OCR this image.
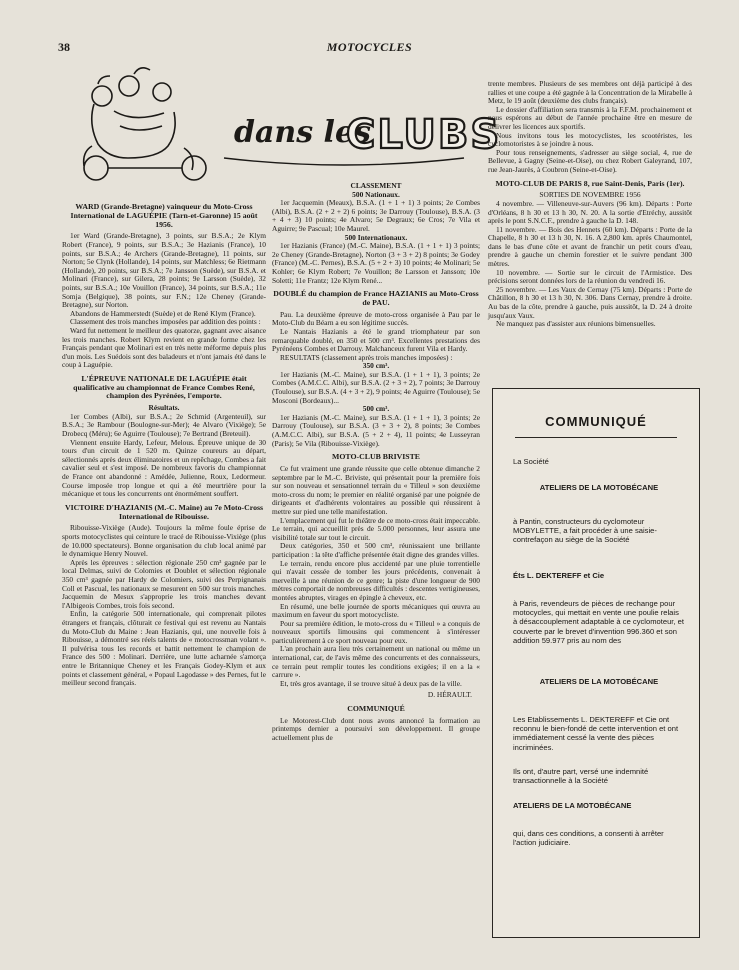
38	MOTOCYCLES
dans les
CLUBS
WARD (Grande-Bretagne) vainqueur du Moto-Cross International de LAGUÉPIE (Tarn-et-Garonne) 15 août 1956.
1er Ward (Grande-Bretagne), 3 points, sur B.S.A.; 2e Klym Robert (France), 9 points, sur B.S.A.; 3e Hazianis (France), 10 points, sur B.S.A.; 4e Archers (Grande-Bretagne), 11 points, sur Norton; 5e Clynk (Hollande), 14 points, sur Matchless; 6e Rietmann (Hollande), 20 points, sur B.S.A.; 7e Jansson (Suède), sur B.S.A. et Molinari (France), sur Gilera, 28 points; 9e Larsson (Suède), 32 points, sur B.S.A.; 10e Vouillon (France), 34 points, sur B.S.A.; 11e Somja (Belgique), 38 points, sur F.N.; 12e Cheney (Grande-Bretagne), sur Norton.
Abandons de Hammerstedt (Suède) et de René Klym (France).
Classement des trois manches imposées par addition des points :
Ward fut nettement le meilleur des quatorze, gagnant avec aisance les trois manches. Robert Klym revient en grande forme chez les Français pendant que Molinari est en très nette méforme depuis plus d'un mois. Les Suédois sont des baladeurs et n'ont jamais été dans le coup à Laguépie.
L'ÉPREUVE NATIONALE DE LAGUÉPIE était qualificative au championnat de France Combes René, champion des Pyrénées, l'emporte.
Résultats.
1er Combes (Albi), sur B.S.A.; 2e Schmid (Argenteuil), sur B.S.A.; 3e Rambour (Boulogne-sur-Mer); 4e Alvaro (Vixiège); 5e Drobecq (Méru); 6e Aguirre (Toulouse); 7e Bertrand (Breteuil).
Viennent ensuite Hardy, Lefeur, Melous. Épreuve unique de 30 tours d'un circuit de 1 520 m. Quinze coureurs au départ, sélectionnés après deux éliminatoires et un repêchage, Combes a fait cavalier seul et s'est imposé. De nombreux favoris du championnat de France ont abandonné : Amédée, Julienne, Roux, Ledormeur. Course imposée trop longue et qui a été meurtrière pour la mécanique et tous les concurrents ont énormément souffert.
VICTOIRE D'HAZIANIS (M.-C. Maine) au 7e Moto-Cross International de Ribouisse.
Ribouisse-Vixiège (Aude). Toujours la même foule éprise de sports motocyclistes qui ceinture le tracé de Ribouisse-Vixiège (plus de 10.000 spectateurs). Bonne organisation du club local animé par le dynamique Henry Nouvel.
Après les épreuves : sélection régionale 250 cm³ gagnée par le local Delmas, suivi de Colomies et Doublet et sélection régionale 350 cm³ gagnée par Hardy de Colomiers, suivi des Perpignanais Coll et Pascual, les nationaux se mesurent en 500 sur trois manches. Jacquemin de Mesux s'approprie les trois manches devant l'Albigeois Combes, trois fois second.
Enfin, la catégorie 500 internationale, qui comprenait pilotes étrangers et français, clôturait ce festival qui est revenu au Nantais du Moto-Club du Maine : Jean Hazianis, qui, une nouvelle fois à Ribouisse, a démontré ses réels talents de « motocrossman volant ». Il pulvérisa tous les records et battit nettement le champion de France des 500 : Molinari. Derrière, une lutte acharnée s'amorça entre le Britannique Cheney et les Français Godey-Klym et aux points et classement général, « Popaul Lagodasse » des Pernes, fut le meilleur second français.
CLASSEMENT
500 Nationaux.
1er Jacquemin (Meaux), B.S.A. (1 + 1 + 1) 3 points; 2e Combes (Albi), B.S.A. (2 + 2 + 2) 6 points; 3e Darrouy (Toulouse), B.S.A. (3 + 4 + 3) 10 points; 4e Alvaro; 5e Degraux; 6e Cros; 7e Vila et Aguirre; 9e Pascual; 10e Maurel.
500 Internationaux.
1er Hazianis (France) (M.-C. Maine), B.S.A. (1 + 1 + 1) 3 points; 2e Cheney (Grande-Bretagne), Norton (3 + 3 + 2) 8 points; 3e Godey (France) (M.-C. Pernes), B.S.A. (5 + 2 + 3) 10 points; 4e Molinari; 5e Kohler; 6e Klym Robert; 7e Vouillon; 8e Larsson et Jansson; 10e Soletti; 11e Frantz; 12e Klym René...
DOUBLÉ du champion de France HAZIANIS au Moto-Cross de PAU.
Pau. La deuxième épreuve de moto-cross organisée à Pau par le Moto-Club du Béarn a eu son légitime succès.
Le Nantais Hazianis a été le grand triomphateur par son remarquable doublé, en 350 et 500 cm³. Excellentes prestations des Pyrénéens Combes et Darrouy. Malchanceux furent Vila et Hardy.
RESULTATS (classement après trois manches imposées) :
350 cm³.
1er Hazianis (M.-C. Maine), sur B.S.A. (1 + 1 + 1), 3 points; 2e Combes (A.M.C.C. Albi), sur B.S.A. (2 + 3 + 2), 7 points; 3e Darrouy (Toulouse), sur B.S.A. (4 + 3 + 2), 9 points; 4e Aguirre (Toulouse); 5e Mosconi (Bordeaux)...
500 cm³.
1er Hazianis (M.-C. Maine), sur B.S.A. (1 + 1 + 1), 3 points; 2e Darrouy (Toulouse), sur B.S.A. (3 + 3 + 2), 8 points; 3e Combes (A.M.C.C. Albi), sur B.S.A. (5 + 2 + 4), 11 points; 4e Lusseyran (Paris); 5e Vila (Ribouisse-Vixiège).
MOTO-CLUB BRIVISTE
Ce fut vraiment une grande réussite que celle obtenue dimanche 2 septembre par le M.-C. Briviste, qui présentait pour la première fois sur son nouveau et sensationnel terrain du « Tilleul » son deuxième moto-cross du nom; le premier en réalité organisé par une poignée de dirigeants et d'adhérents volontaires au possible qui réussirent à mettre sur pied une telle manifestation.
L'emplacement qui fut le théâtre de ce moto-cross était impeccable. Le terrain, qui accueillit près de 5.000 personnes, leur assura une visibilité totale sur tout le circuit.
Deux catégories, 350 et 500 cm³, réunissaient une brillante participation : la tête d'affiche présentée était digne des grandes villes.
Le terrain, rendu encore plus accidenté par une pluie torrentielle qui n'avait cessée de tomber les jours précédents, convenait à merveille à une réunion de ce genre; la piste d'une longueur de 900 mètres comportait de nombreuses difficultés : descentes vertigineuses, montées abruptes, virages en épingle à cheveux, etc.
En résumé, une belle journée de sports mécaniques qui œuvra au maximum en faveur du sport motocycliste.
Pour sa première édition, le moto-cross du « Tilleul » a conquis de nouveaux sportifs limousins qui commencent à s'intéresser particulièrement à ce sport nouveau pour eux.
L'an prochain aura lieu très certainement un national ou même un international, car, de l'avis même des concurrents et des connaisseurs, ce terrain peut remplir toutes les conditions exigées; il en a la « carrure ».
Et, très gros avantage, il se trouve situé à deux pas de la ville.
D. HÉRAULT.
COMMUNIQUÉ
Le Motorest-Club dont nous avons annoncé la formation au printemps dernier a poursuivi son développement. Il groupe actuellement plus de
trente membres. Plusieurs de ses membres ont déjà participé à des rallies et une coupe a été gagnée à la Concentration de la Mirabelle à Metz, le 19 août (deuxième des clubs français).
Le dossier d'affiliation sera transmis à la F.F.M. prochainement et nous espérons au début de l'année prochaine être en mesure de délivrer les licences aux sportifs.
Nous invitons tous les motocyclistes, les scootéristes, les cyclomotoristes à se joindre à nous.
Pour tous renseignements, s'adresser au siège social, 4, rue de Bellevue, à Gagny (Seine-et-Oise), ou chez Robert Galeyrand, 107, rue Jean-Jaurès, à Coubron (Seine-et-Oise).
MOTO-CLUB DE PARIS 8, rue Saint-Denis, Paris (1er).
SORTIES DE NOVEMBRE 1956
4 novembre. — Villeneuve-sur-Auvers (96 km). Départs : Porte d'Orléans, 8 h 30 et 13 h 30, N. 20. A la sortie d'Etréchy, aussitôt après le pont S.N.C.F., prendre à gauche la D. 148.
11 novembre. — Bois des Hennets (60 km). Départs : Porte de la Chapelle, 8 h 30 et 13 h 30, N. 16. A 2,800 km. après Chaumontel, dans le bas d'une côte et avant de franchir un petit cours d'eau, prendre à gauche un chemin forestier et le suivre pendant 300 mètres.
10 novembre. — Sortie sur le circuit de l'Armistice. Des précisions seront données lors de la réunion du vendredi 16.
25 novembre. — Les Vaux de Cernay (75 km). Départs : Porte de Châtillon, 8 h 30 et 13 h 30, N. 306. Dans Cernay, prendre à droite. Au bas de la côte, prendre à gauche, puis aussitôt, la D. 24 à droite jusqu'aux Vaux.
Ne manquez pas d'assister aux réunions bimensuelles.
COMMUNIQUÉ
La Société
ATELIERS DE LA MOTOBÉCANE
à Pantin, constructeurs du cyclomoteur MOBYLETTE, a fait procéder à une saisie-contrefaçon au siège de la Société
Éts L. DEKTEREFF et Cie
à Paris, revendeurs de pièces de rechange pour motocycles, qui mettait en vente une poulie relais à désaccouplement adaptable à ce cyclomoteur, et couverte par le brevet d'invention 996.360 et son addition 59.977 pris au nom des
ATELIERS DE LA MOTOBÉCANE
Les Etablissements L. DEKTEREFF et Cie ont reconnu le bien-fondé de cette intervention et ont immédiatement cessé la vente des pièces incriminées.
Ils ont, d'autre part, versé une indemnité transactionnelle à la Société
ATELIERS DE LA MOTOBÉCANE
qui, dans ces conditions, a consenti à arrêter l'action judiciaire.
